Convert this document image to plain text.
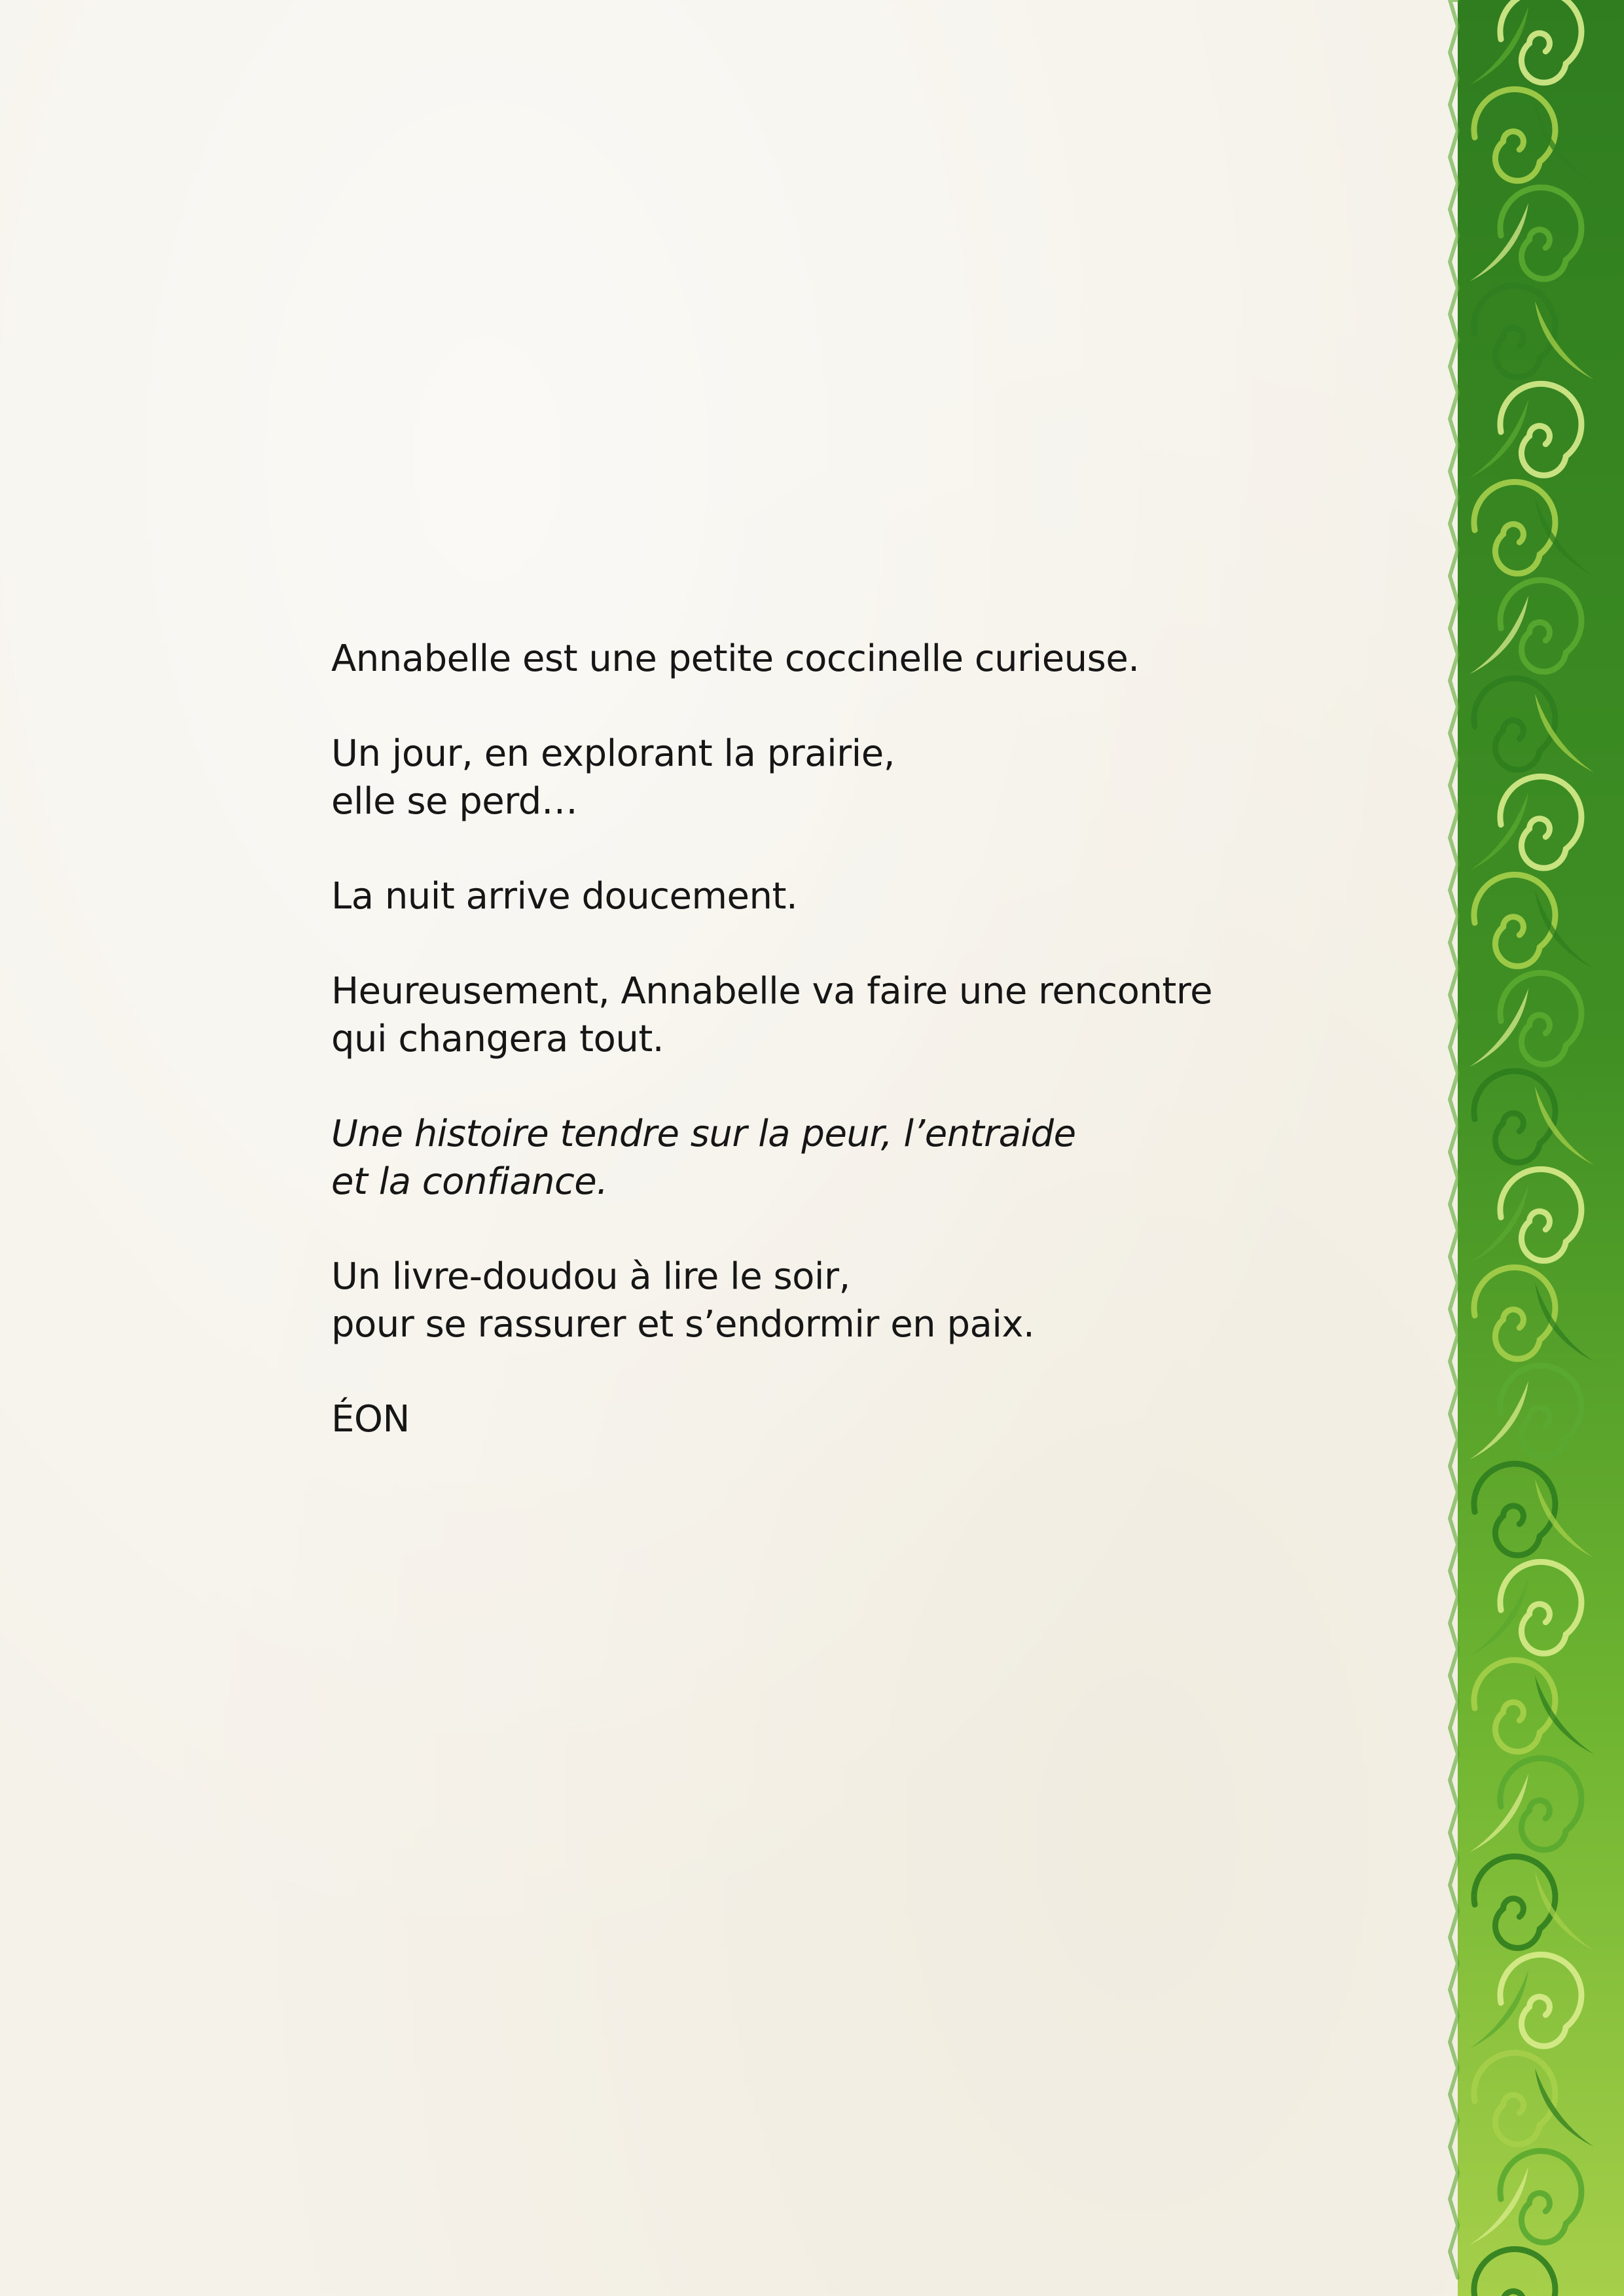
Annabelle est une petite coccinelle curieuse.

Un jour, en explorant la prairie,
elle se perd…

La nuit arrive doucement.

Heureusement, Annabelle va faire une rencontre
qui changera tout.

Une histoire tendre sur la peur, l’entraide
et la confiance.

Un livre-doudou à lire le soir,
pour se rassurer et s’endormir en paix.

ÉON
